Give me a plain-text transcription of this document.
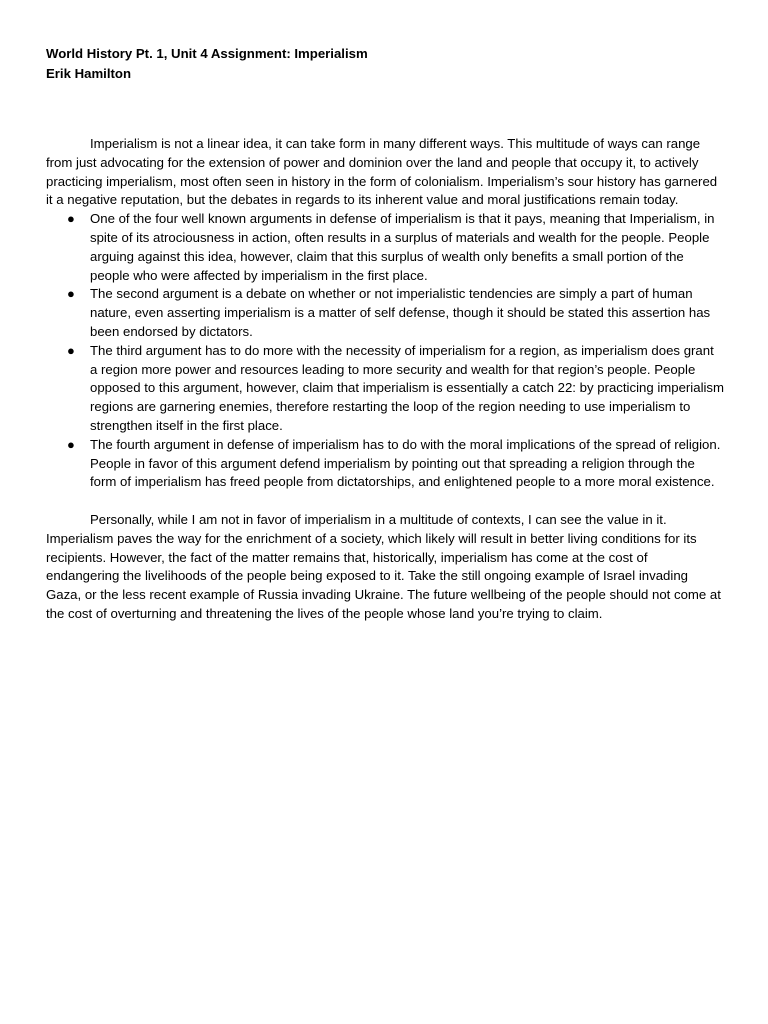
World History Pt. 1, Unit 4 Assignment: Imperialism

Erik Hamilton

Imperialism is not a linear idea, it can take form in many different ways. This multitude of ways can range from just advocating for the extension of power and dominion over the land and people that occupy it, to actively practicing imperialism, most often seen in history in the form of colonialism. Imperialism’s sour history has garnered it a negative reputation, but the debates in regards to its inherent value and moral justifications remain today.

● One of the four well known arguments in defense of imperialism is that it pays, meaning that Imperialism, in spite of its atrociousness in action, often results in a surplus of materials and wealth for the people. People arguing against this idea, however, claim that this surplus of wealth only benefits a small portion of the people who were affected by imperialism in the first place.
● The second argument is a debate on whether or not imperialistic tendencies are simply a part of human nature, even asserting imperialism is a matter of self defense, though it should be stated this assertion has been endorsed by dictators.
● The third argument has to do more with the necessity of imperialism for a region, as imperialism does grant a region more power and resources leading to more security and wealth for that region’s people. People opposed to this argument, however, claim that imperialism is essentially a catch 22: by practicing imperialism regions are garnering enemies, therefore restarting the loop of the region needing to use imperialism to strengthen itself in the first place.
● The fourth argument in defense of imperialism has to do with the moral implications of the spread of religion. People in favor of this argument defend imperialism by pointing out that spreading a religion through the form of imperialism has freed people from dictatorships, and enlightened people to a more moral existence.

Personally, while I am not in favor of imperialism in a multitude of contexts, I can see the value in it. Imperialism paves the way for the enrichment of a society, which likely will result in better living conditions for its recipients. However, the fact of the matter remains that, historically, imperialism has come at the cost of endangering the livelihoods of the people being exposed to it. Take the still ongoing example of Israel invading Gaza, or the less recent example of Russia invading Ukraine. The future wellbeing of the people should not come at the cost of overturning and threatening the lives of the people whose land you’re trying to claim.
